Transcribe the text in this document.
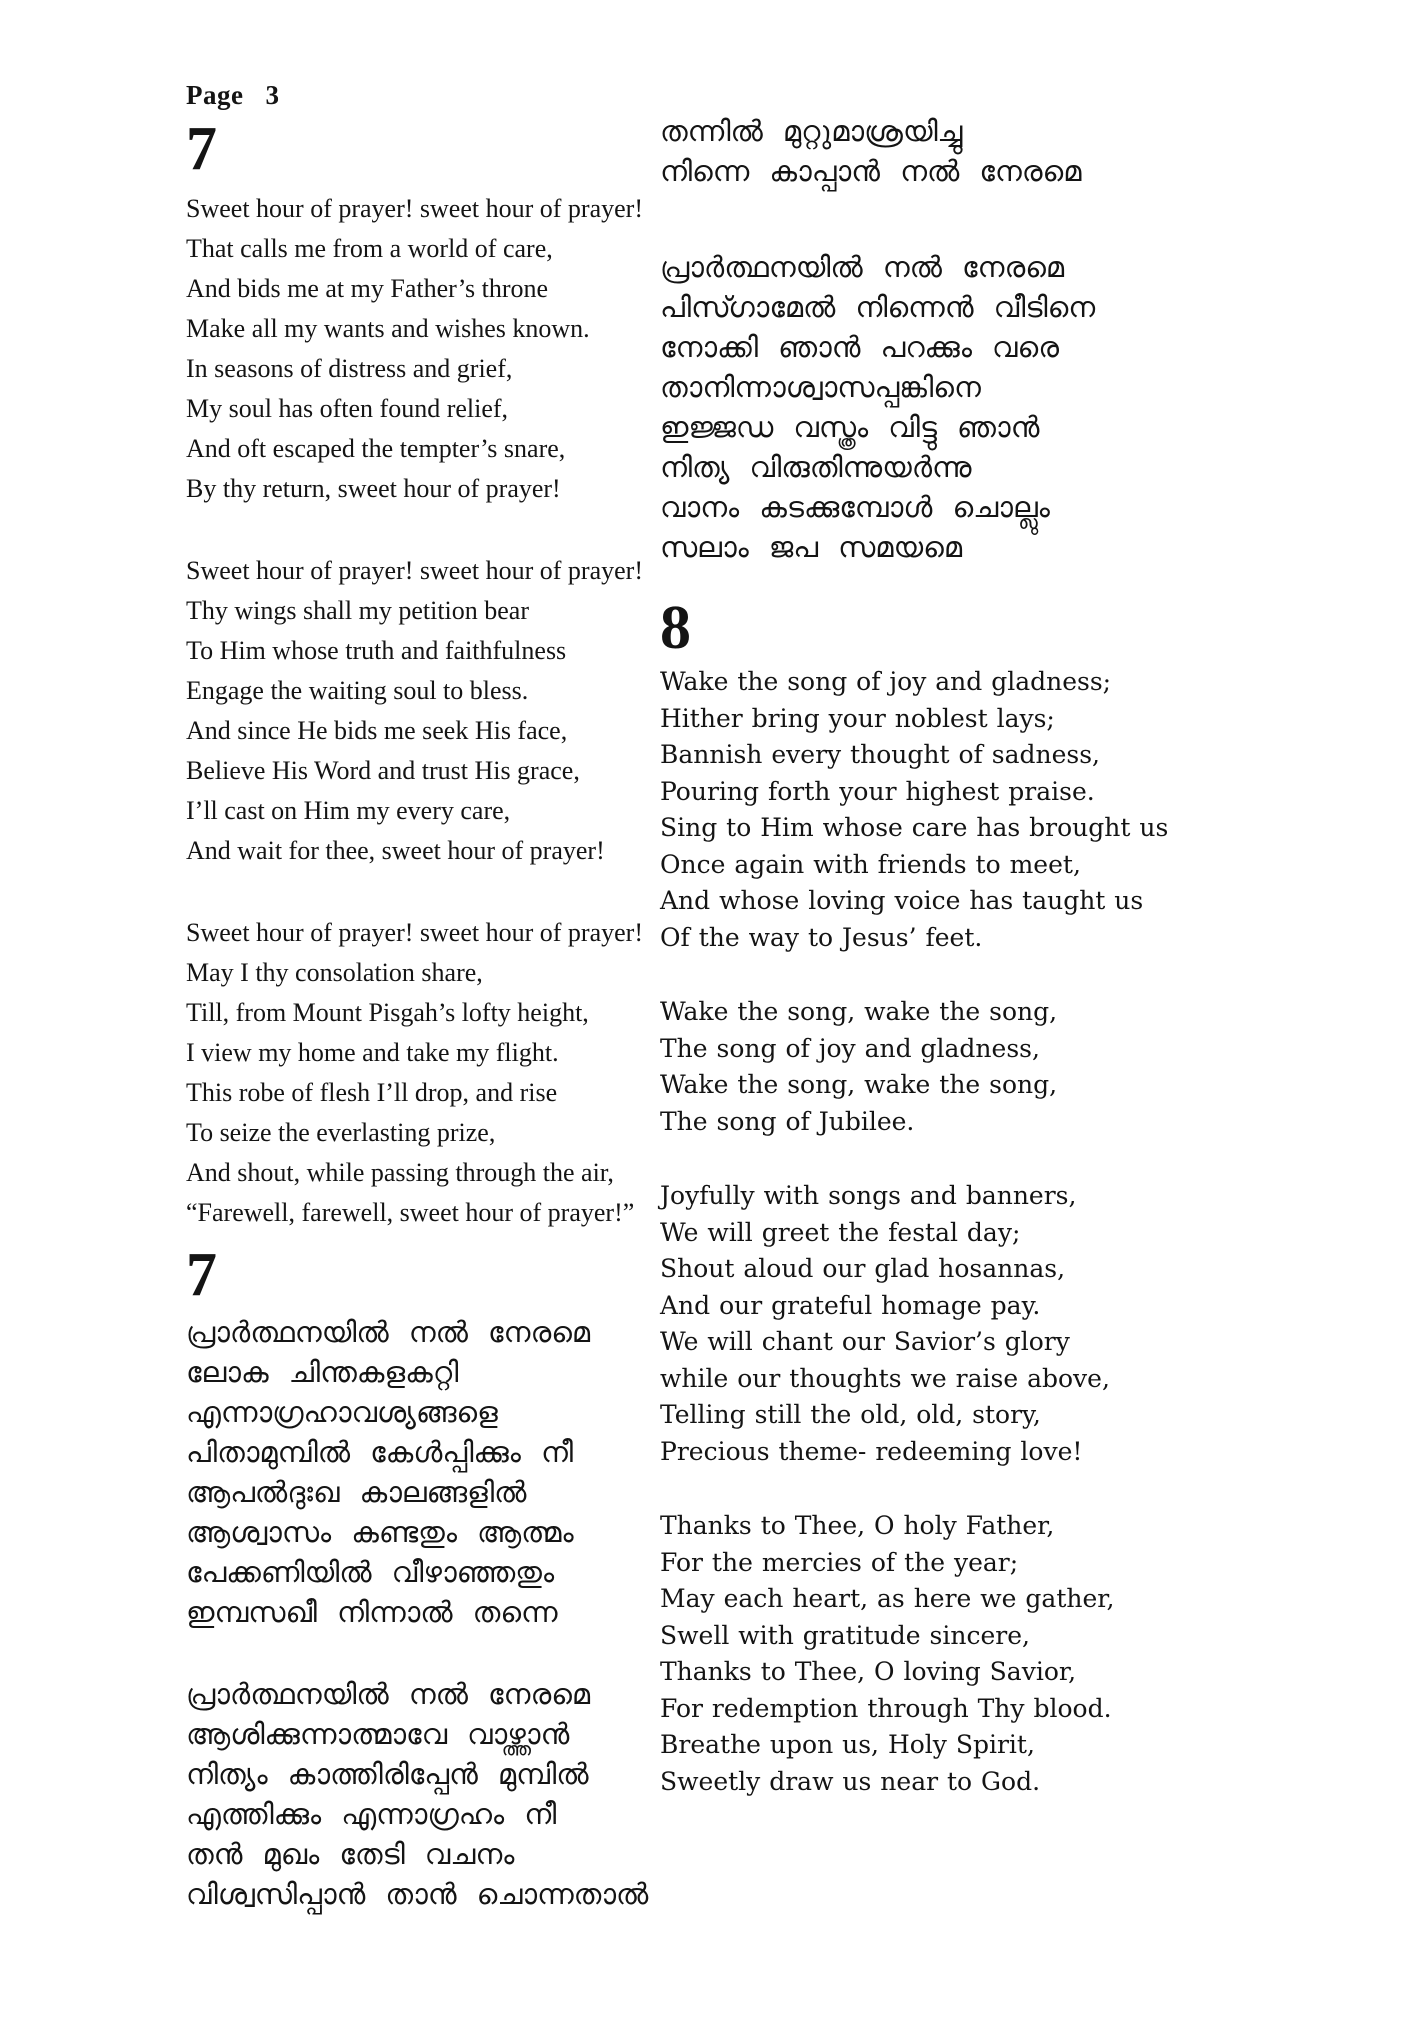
Page 3
7
Sweet hour of prayer! sweet hour of prayer!
That calls me from a world of care,
And bids me at my Father’s throne
Make all my wants and wishes known.
In seasons of distress and grief,
My soul has often found relief,
And oft escaped the tempter’s snare,
By thy return, sweet hour of prayer!
Sweet hour of prayer! sweet hour of prayer!
Thy wings shall my petition bear
To Him whose truth and faithfulness
Engage the waiting soul to bless.
And since He bids me seek His face,
Believe His Word and trust His grace,
I’ll cast on Him my every care,
And wait for thee, sweet hour of prayer!
Sweet hour of prayer! sweet hour of prayer!
May I thy consolation share,
Till, from Mount Pisgah’s lofty height,
I view my home and take my flight.
This robe of flesh I’ll drop, and rise
To seize the everlasting prize,
And shout, while passing through the air,
“Farewell, farewell, sweet hour of prayer!”
7
പ്രാർത്ഥനയിൽ നൽ നേരമെ
ലോക ചിന്തകളകറ്റി
എന്നാഗ്രഹാവശ്യങ്ങളെ
പിതാമുമ്പിൽ കേൾപ്പിക്കും നീ
ആപൽദുഃഖ കാലങ്ങളിൽ
ആശ്വാസം കണ്ടതും ആത്മം
പേക്കണിയിൽ വീഴാഞ്ഞതും
ഇമ്പസഖീ നിന്നാൽ തന്നെ
പ്രാർത്ഥനയിൽ നൽ നേരമെ
ആശിക്കുന്നാത്മാവേ വാഴ്ത്താൻ
നിത്യം കാത്തിരിപ്പേൻ മുമ്പിൽ
എത്തിക്കും എന്നാഗ്രഹം നീ
തൻ മുഖം തേടി വചനം
വിശ്വസിപ്പാൻ താൻ ചൊന്നതാൽ
തന്നിൽ മുറ്റുമാശ്രയിച്ചു
നിന്നെ കാപ്പാൻ നൽ നേരമെ
പ്രാർത്ഥനയിൽ നൽ നേരമെ
പിസ്ഗാമേൽ നിന്നെൻ വീടിനെ
നോക്കി ഞാൻ പറക്കും വരെ
താനിന്നാശ്വാസപ്പങ്കിനെ
ഇജ്ജഡ വസ്ത്രം വിട്ടു ഞാൻ
നിത്യ വിരുതിന്നുയർന്നു
വാനം കടക്കുമ്പോൾ ചൊല്ലും
സലാം ജപ സമയമെ
8
Wake the song of joy and gladness;
Hither bring your noblest lays;
Bannish every thought of sadness,
Pouring forth your highest praise.
Sing to Him whose care has brought us
Once again with friends to meet,
And whose loving voice has taught us
Of the way to Jesus’ feet.
Wake the song, wake the song,
The song of joy and gladness,
Wake the song, wake the song,
The song of Jubilee.
Joyfully with songs and banners,
We will greet the festal day;
Shout aloud our glad hosannas,
And our grateful homage pay.
We will chant our Savior’s glory
while our thoughts we raise above,
Telling still the old, old, story,
Precious theme- redeeming love!
Thanks to Thee, O holy Father,
For the mercies of the year;
May each heart, as here we gather,
Swell with gratitude sincere,
Thanks to Thee, O loving Savior,
For redemption through Thy blood.
Breathe upon us, Holy Spirit,
Sweetly draw us near to God.
